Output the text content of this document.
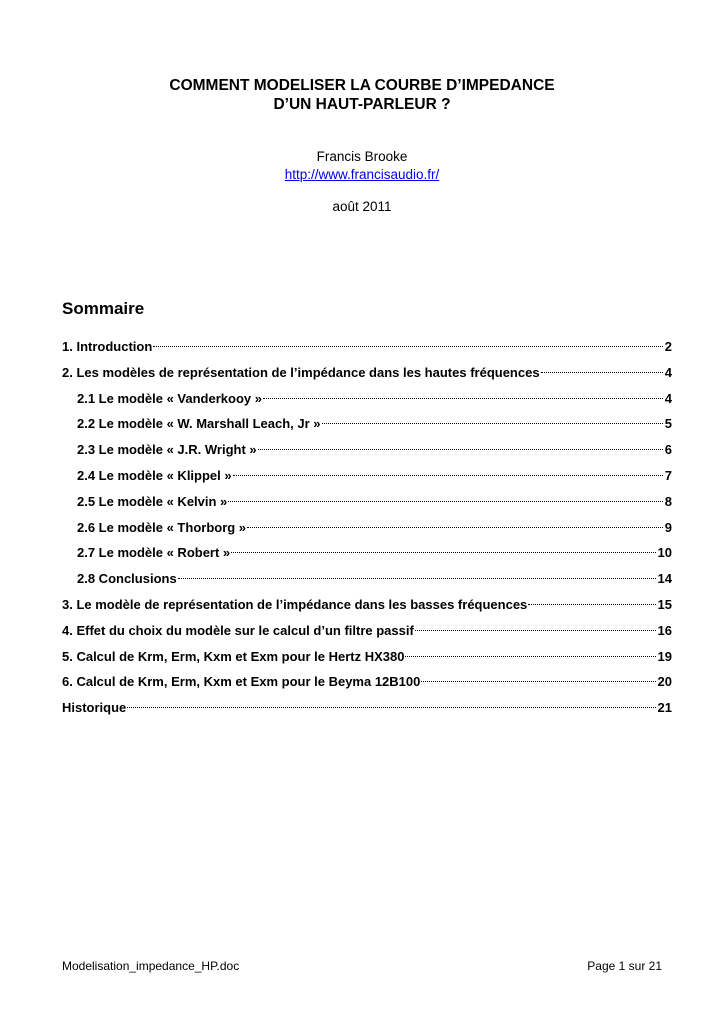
COMMENT MODELISER LA COURBE D’IMPEDANCE
D’UN HAUT-PARLEUR ?
Francis Brooke
http://www.francisaudio.fr/
août 2011
Sommaire
1. Introduction	2
2. Les modèles de représentation de l’impédance dans les hautes fréquences	4
2.1 Le modèle « Vanderkooy »	4
2.2 Le modèle « W. Marshall Leach, Jr »	5
2.3 Le modèle « J.R. Wright »	6
2.4 Le modèle « Klippel »	7
2.5 Le modèle « Kelvin »	8
2.6 Le modèle « Thorborg »	9
2.7 Le modèle « Robert »	10
2.8 Conclusions	14
3. Le modèle de représentation de l’impédance dans les basses fréquences	15
4. Effet du choix du modèle sur le calcul d’un filtre passif	16
5. Calcul de Krm, Erm, Kxm et Exm pour le Hertz HX380	19
6. Calcul de Krm, Erm, Kxm et Exm pour le Beyma 12B100	20
Historique	21
Modelisation_impedance_HP.doc	Page 1 sur 21
